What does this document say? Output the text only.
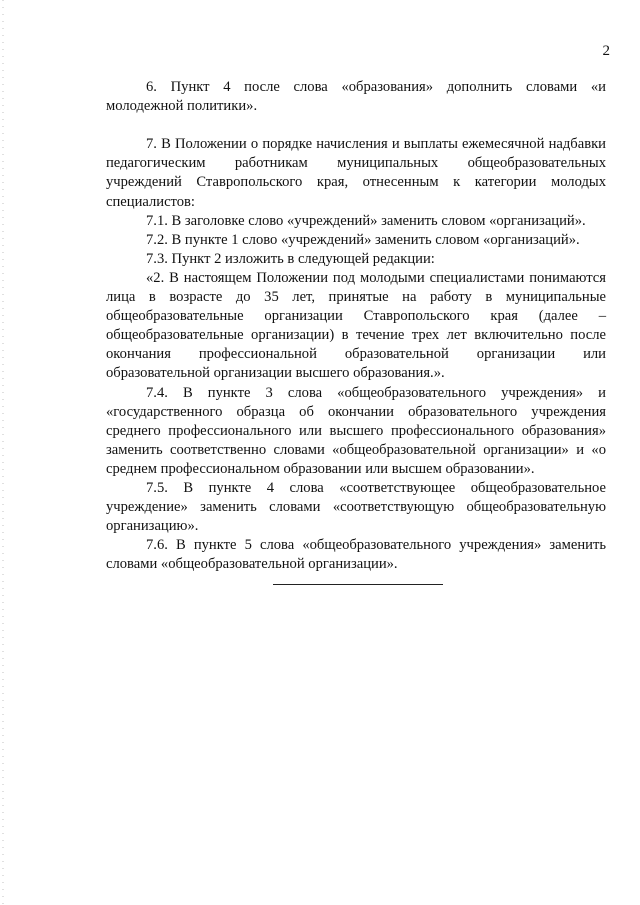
2

6. Пункт 4 после слова «образования» дополнить словами «и молодежной политики».

7. В Положении о порядке начисления и выплаты ежемесячной надбавки педагогическим работникам муниципальных общеобразовательных учреждений Ставропольского края, отнесенным к категории молодых специалистов:

7.1. В заголовке слово «учреждений» заменить словом «организаций».

7.2. В пункте 1 слово «учреждений» заменить словом «организаций».

7.3. Пункт 2 изложить в следующей редакции:

«2. В настоящем Положении под молодыми специалистами понимаются лица в возрасте до 35 лет, принятые на работу в муниципальные общеобразовательные организации Ставропольского края (далее – общеобразовательные организации) в течение трех лет включительно после окончания профессиональной образовательной организации или образовательной организации высшего образования.».

7.4. В пункте 3 слова «общеобразовательного учреждения» и «государственного образца об окончании образовательного учреждения среднего профессионального или высшего профессионального образования» заменить соответственно словами «общеобразовательной организации» и «о среднем профессиональном образовании или высшем образовании».

7.5. В пункте 4 слова «соответствующее общеобразовательное учреждение» заменить словами «соответствующую общеобразовательную организацию».

7.6. В пункте 5 слова «общеобразовательного учреждения» заменить словами «общеобразовательной организации».
